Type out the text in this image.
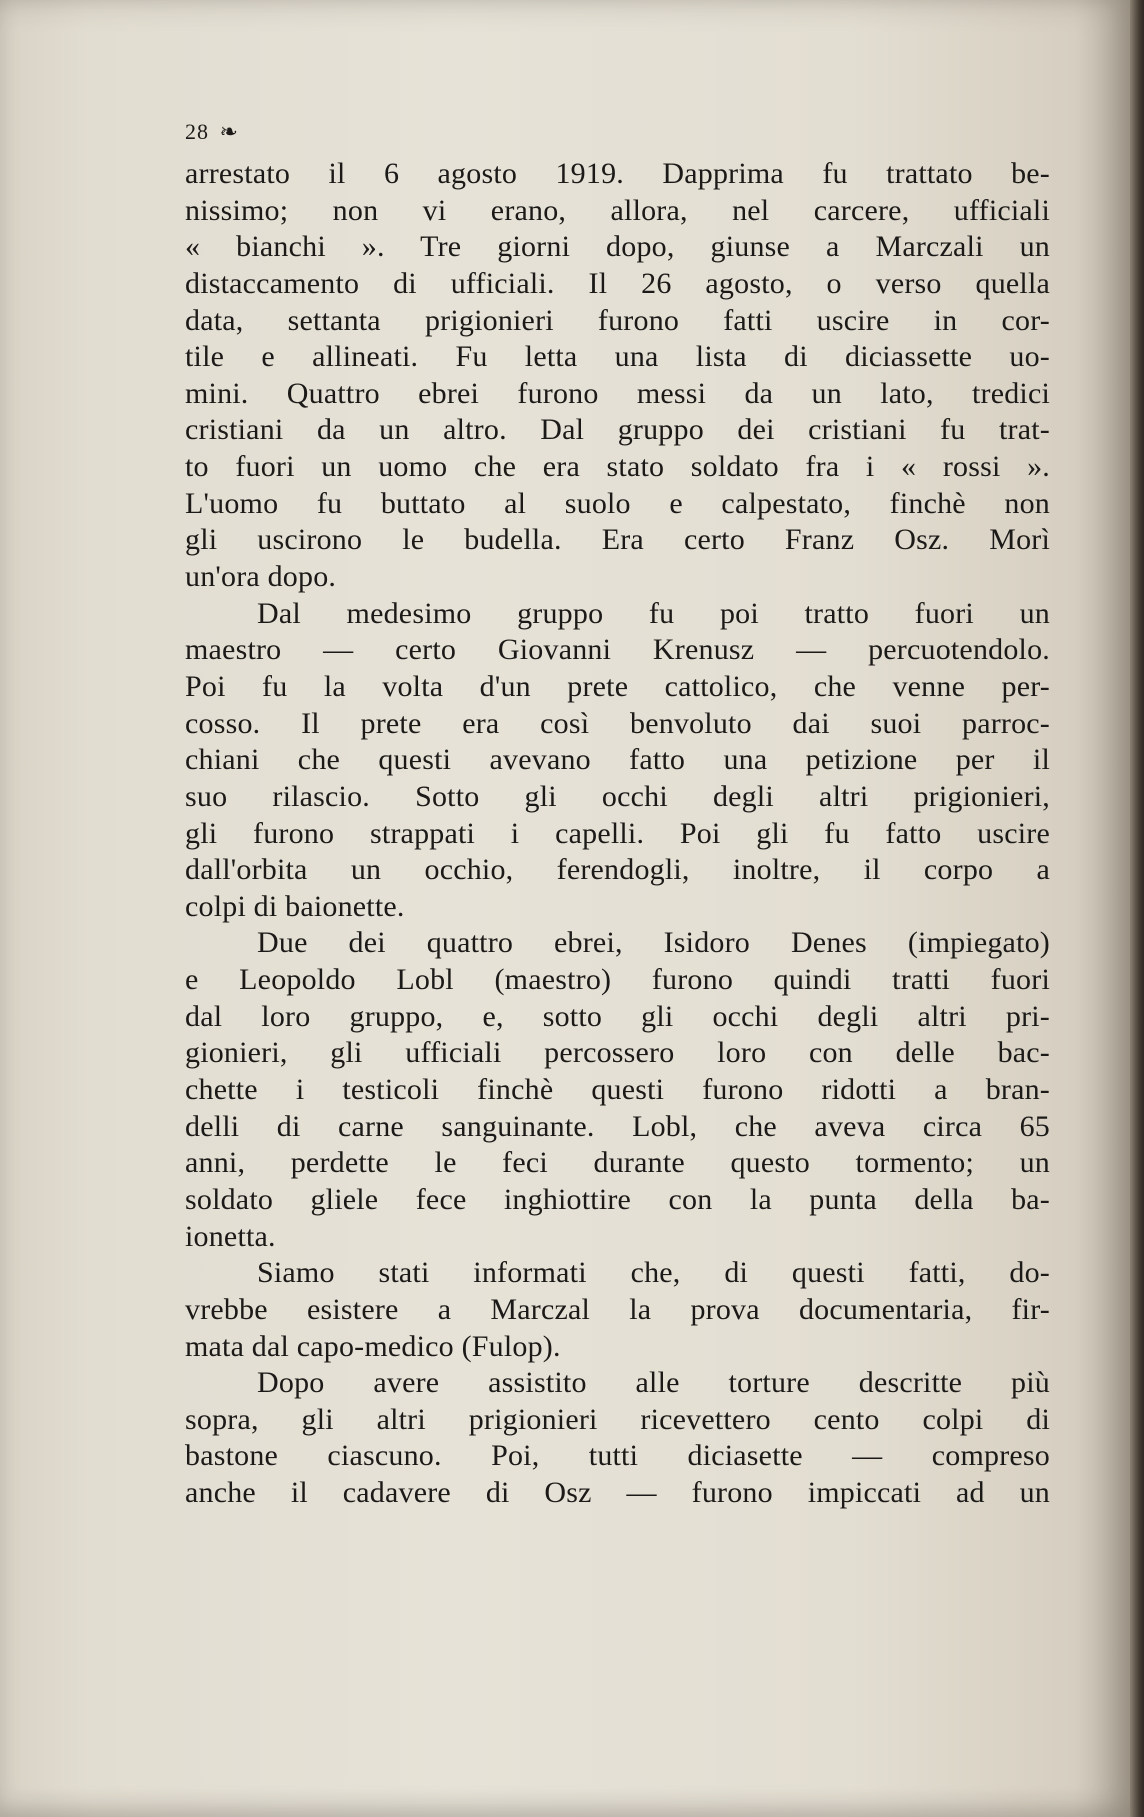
28 ❧
arrestato il 6 agosto 1919. Dapprima fu trattato be-
nissimo; non vi erano, allora, nel carcere, ufficiali
« bianchi ». Tre giorni dopo, giunse a Marczali un
distaccamento di ufficiali. Il 26 agosto, o verso quella
data, settanta prigionieri furono fatti uscire in cor-
tile e allineati. Fu letta una lista di diciassette uo-
mini. Quattro ebrei furono messi da un lato, tredici
cristiani da un altro. Dal gruppo dei cristiani fu trat-
to fuori un uomo che era stato soldato fra i « rossi ».
L'uomo fu buttato al suolo e calpestato, finchè non
gli uscirono le budella. Era certo Franz Osz. Morì
un'ora dopo.
Dal medesimo gruppo fu poi tratto fuori un
maestro — certo Giovanni Krenusz — percuotendolo.
Poi fu la volta d'un prete cattolico, che venne per-
cosso. Il prete era così benvoluto dai suoi parroc-
chiani che questi avevano fatto una petizione per il
suo rilascio. Sotto gli occhi degli altri prigionieri,
gli furono strappati i capelli. Poi gli fu fatto uscire
dall'orbita un occhio, ferendogli, inoltre, il corpo a
colpi di baionette.
Due dei quattro ebrei, Isidoro Denes (impiegato)
e Leopoldo Lobl (maestro) furono quindi tratti fuori
dal loro gruppo, e, sotto gli occhi degli altri pri-
gionieri, gli ufficiali percossero loro con delle bac-
chette i testicoli finchè questi furono ridotti a bran-
delli di carne sanguinante. Lobl, che aveva circa 65
anni, perdette le feci durante questo tormento; un
soldato gliele fece inghiottire con la punta della ba-
ionetta.
Siamo stati informati che, di questi fatti, do-
vrebbe esistere a Marczal la prova documentaria, fir-
mata dal capo-medico (Fulop).
Dopo avere assistito alle torture descritte più
sopra, gli altri prigionieri ricevettero cento colpi di
bastone ciascuno. Poi, tutti diciasette — compreso
anche il cadavere di Osz — furono impiccati ad un
